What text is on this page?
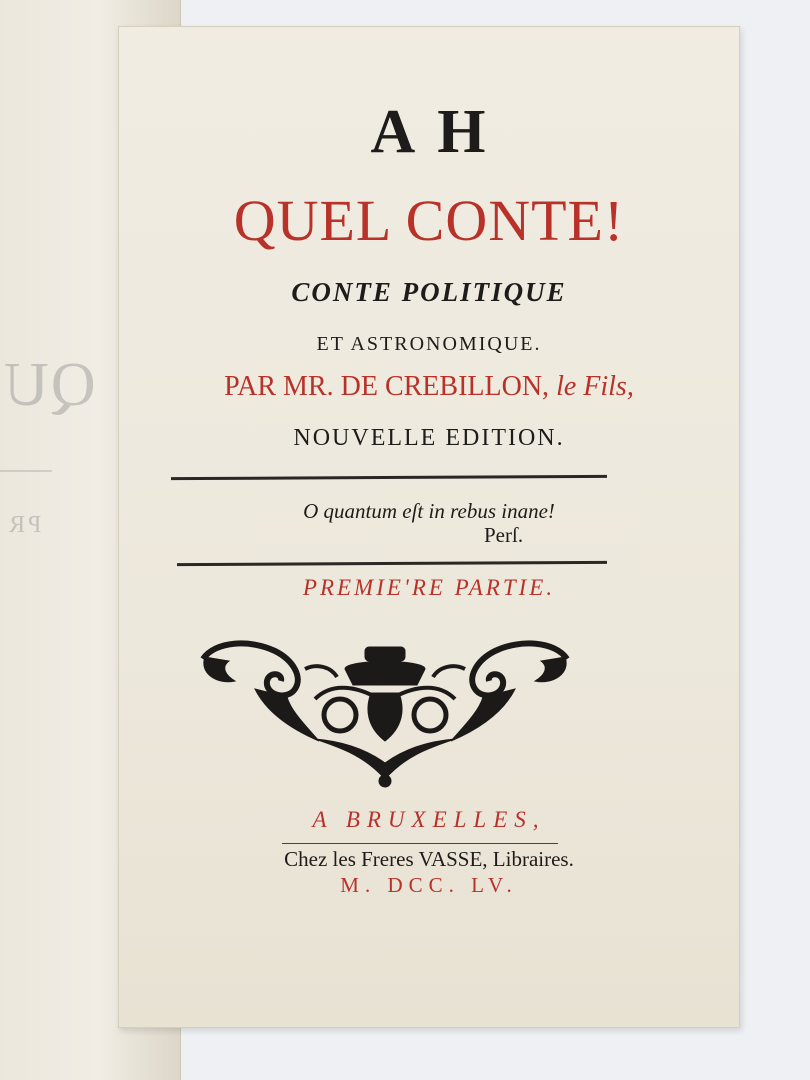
QU
PR
AH
QUEL CONTE!
CONTE POLITIQUE
ET ASTRONOMIQUE.
PAR MR. DE CREBILLON, le Fils,
NOUVELLE EDITION.
O quantum eſt in rebus inane!
Perſ.
PREMIE'RE PARTIE.
A BRUXELLES,
Chez les Freres VASSE, Libraires.
M. DCC. LV.
